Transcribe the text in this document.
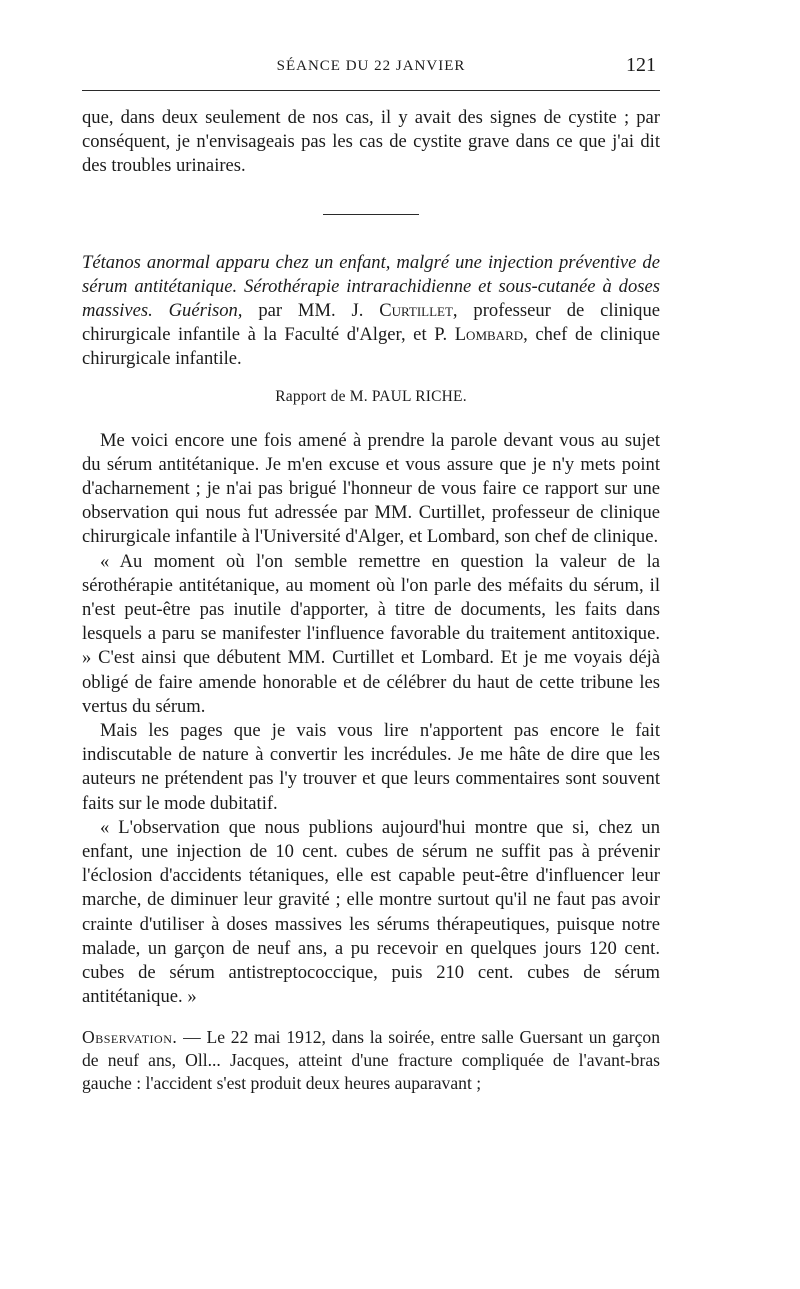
SÉANCE DU 22 JANVIER	121

que, dans deux seulement de nos cas, il y avait des signes de cystite ; par conséquent, je n'envisageais pas les cas de cystite grave dans ce que j'ai dit des troubles urinaires.

Tétanos anormal apparu chez un enfant, malgré une injection préventive de sérum antitétanique. Sérothérapie intrarachidienne et sous-cutanée à doses massives. Guérison, par MM. J. Curtillet, professeur de clinique chirurgicale infantile à la Faculté d'Alger, et P. Lombard, chef de clinique chirurgicale infantile.

Rapport de M. PAUL RICHE.

Me voici encore une fois amené à prendre la parole devant vous au sujet du sérum antitétanique. Je m'en excuse et vous assure que je n'y mets point d'acharnement ; je n'ai pas brigué l'honneur de vous faire ce rapport sur une observation qui nous fut adressée par MM. Curtillet, professeur de clinique chirurgicale infantile à l'Université d'Alger, et Lombard, son chef de clinique.

« Au moment où l'on semble remettre en question la valeur de la sérothérapie antitétanique, au moment où l'on parle des méfaits du sérum, il n'est peut-être pas inutile d'apporter, à titre de documents, les faits dans lesquels a paru se manifester l'influence favorable du traitement antitoxique. » C'est ainsi que débutent MM. Curtillet et Lombard. Et je me voyais déjà obligé de faire amende honorable et de célébrer du haut de cette tribune les vertus du sérum.

Mais les pages que je vais vous lire n'apportent pas encore le fait indiscutable de nature à convertir les incrédules. Je me hâte de dire que les auteurs ne prétendent pas l'y trouver et que leurs commentaires sont souvent faits sur le mode dubitatif.

« L'observation que nous publions aujourd'hui montre que si, chez un enfant, une injection de 10 cent. cubes de sérum ne suffit pas à prévenir l'éclosion d'accidents tétaniques, elle est capable peut-être d'influencer leur marche, de diminuer leur gravité ; elle montre surtout qu'il ne faut pas avoir crainte d'utiliser à doses massives les sérums thérapeutiques, puisque notre malade, un garçon de neuf ans, a pu recevoir en quelques jours 120 cent. cubes de sérum antistreptococcique, puis 210 cent. cubes de sérum antitétanique. »

Observation. — Le 22 mai 1912, dans la soirée, entre salle Guersant un garçon de neuf ans, Oll... Jacques, atteint d'une fracture compliquée de l'avant-bras gauche : l'accident s'est produit deux heures auparavant ;
